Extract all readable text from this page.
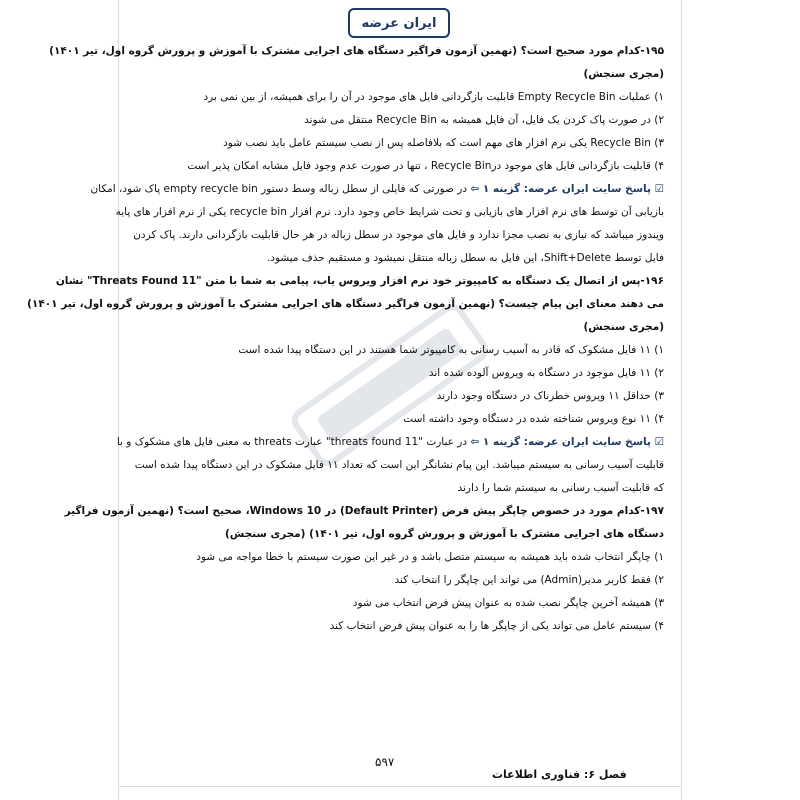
ایران عرضه
۱۹۵-کدام مورد صحیح است؟ (نهمین آزمون فراگیر دستگاه های اجرایی مشترک با آموزش و پرورش گروه اول، تیر ۱۴۰۱)
(مجری سنجش)
۱) عملیات Empty Recycle Bin قابلیت بازگردانی فایل های موجود در آن را برای همیشه، از بین نمی برد
۲) در صورت پاک کردن یک فایل، آن فایل همیشه به Recycle Bin منتقل می شوند
۳) Recycle Bin یکی نرم افزار های مهم است که بلافاصله پس از نصب سیستم عامل باید نصب شود
۴) قابلیت بازگردانی فایل های موجود درRecycle Bin ، تنها در صورت عدم وجود فایل مشابه امکان پذیر است
☑ پاسخ سایت ایران عرضه: گزینه ۱ ⇦ در صورتی که فایلی از سطل زباله وسط دستور empty recycle bin پاک شود، امکان
بازیابی آن توسط های نرم افزار های بازیابی و تحت شرایط خاص وجود دارد. نرم افزار recycle bin یکی از نرم افزار های پایه
ویندوز میباشد که نیازی به نصب مجزا ندارد و فایل های موجود در سطل زباله در هر حال قابلیت بازگردانی دارند. پاک کردن
فایل توسط Shift+Delete، این فایل به سطل زباله منتقل نمیشود و مستقیم حذف میشود.
۱۹۶-پس از اتصال یک دستگاه به کامپیوتر خود نرم افزار ویروس یاب، پیامی به شما با متن "11 Threats Found" نشان
می دهند معنای این پیام چیست؟ (نهمین آزمون فراگیر دستگاه های اجرایی مشترک با آموزش و پرورش گروه اول، تیر ۱۴۰۱)
(مجری سنجش)
۱) ۱۱ فایل مشکوک که قادر به آسیب رسانی به کامپیوتر شما هستند در این دستگاه پیدا شده است
۲) ۱۱ فایل موجود در دستگاه به ویروس آلوده شده اند
۳) حداقل ۱۱ ویروس خطرناک در دستگاه وجود دارند
۴) ۱۱ نوع ویروس شناخته شده در دستگاه وجود داشته است
☑ پاسخ سایت ایران عرضه: گزینه ۱ ⇦ در عبارت "11 threats found" عبارت threats به معنی فایل های مشکوک و با
قابلیت آسیب رسانی به سیستم میباشد. این پیام نشانگر این است که تعداد ۱۱ فایل مشکوک در این دستگاه پیدا شده است
که قابلیت آسیب رسانی به سیستم شما را دارند
۱۹۷-کدام مورد در خصوص چاپگر پیش فرض (Default Printer) در Windows 10، صحیح است؟ (نهمین آزمون فراگیر
دستگاه های اجرایی مشترک با آموزش و پرورش گروه اول، تیر ۱۴۰۱) (مجری سنجش)
۱) چاپگر انتخاب شده باید همیشه به سیستم متصل باشد و در غیر این صورت سیستم با خطا مواجه می شود
۲) فقط کاربر مدیر(Admin) می تواند این چاپگر را انتخاب کند
۳) همیشه آخرین چاپگر نصب شده به عنوان پیش فرض انتخاب می شود
۴) سیستم عامل می تواند یکی از چاپگر ها را به عنوان پیش فرض انتخاب کند
۵۹۷
فصل ۶: فناوری اطلاعات
